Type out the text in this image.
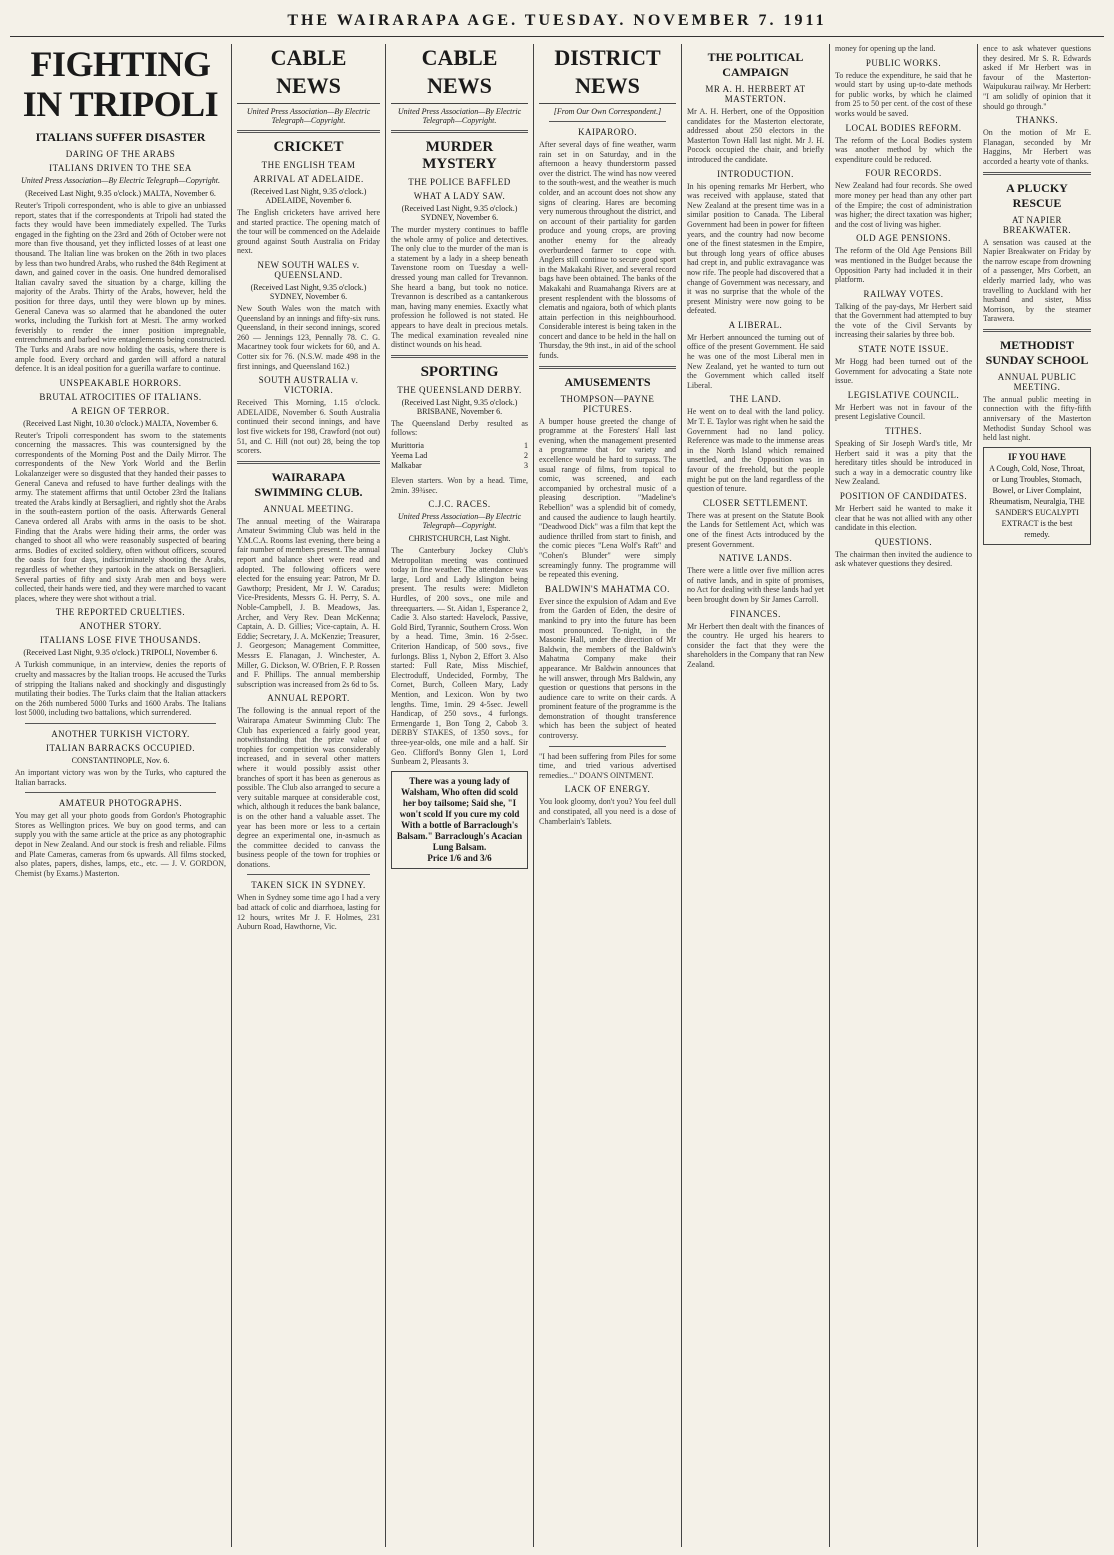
THE WAIRARAPA AGE. TUESDAY. NOVEMBER 7. 1911
FIGHTING IN TRIPOLI
ITALIANS SUFFER DISASTER
DARING OF THE ARABS
ITALIANS DRIVEN TO THE SEA
United Press Association—By Electric Telegraph—Copyright.
(Received Last Night, 9.35 o'clock.) MALTA, November 6.
Reuter's Tripoli correspondent, who is able to give an unbiassed report, states that if the correspondents at Tripoli had stated the facts they would have been immediately expelled. The Turks engaged in the fighting on the 23rd and 26th of October were not more than five thousand, yet they inflicted losses of at least one thousand. The Italian line was broken on the 26th in two places by less than two hundred Arabs, who rushed the 84th Regiment at dawn, and gained cover in the oasis. One hundred demoralised Italian cavalry saved the situation by a charge, killing the majority of the Arabs. Thirty of the Arabs, however, held the position for three days, until they were blown up by mines. General Caneva was so alarmed that he abandoned the outer works, including the Turkish fort at Mesri. The army worked feverishly to render the inner position impregnable, entrenchments and barbed wire entanglements being constructed. The Turks and Arabs are now holding the oasis, where there is ample food. Every orchard and garden will afford a natural defence. It is an ideal position for a guerilla warfare to continue.
UNSPEAKABLE HORRORS.
BRUTAL ATROCITIES OF ITALIANS.
A REIGN OF TERROR.
(Received Last Night, 10.30 o'clock.) MALTA, November 6.
Reuter's Tripoli correspondent has sworn to the statements concerning the massacres. This was countersigned by the correspondents of the Morning Post and the Daily Mirror. The correspondents of the New York World and the Berlin Lokalanzeiger were so disgusted that they handed their passes to General Caneva and refused to have further dealings with the army. The statement affirms that until October 23rd the Italians treated the Arabs kindly at Bersaglieri, and rightly shot the Arabs in the south-eastern portion of the oasis. Afterwards General Caneva ordered all Arabs with arms in the oasis to be shot. Finding that the Arabs were hiding their arms, the order was changed to shoot all who were reasonably suspected of bearing arms. Bodies of excited soldiery, often without officers, scoured the oasis for four days, indiscriminately shooting the Arabs, regardless of whether they partook in the attack on Bersaglieri. Several parties of fifty and sixty Arab men and boys were collected, their hands were tied, and they were marched to vacant places, where they were shot without a trial.
THE REPORTED CRUELTIES.
ANOTHER STORY.
ITALIANS LOSE FIVE THOUSANDS.
(Received Last Night, 9.35 o'clock.) TRIPOLI, November 6.
A Turkish communique, in an interview, denies the reports of cruelty and massacres by the Italian troops. He accused the Turks of stripping the Italians naked and shockingly and disgustingly mutilating their bodies. The Turks claim that the Italian attackers on the 26th numbered 5000 Turks and 1600 Arabs. The Italians lost 5000, including two battalions, which surrendered.
ANOTHER TURKISH VICTORY.
ITALIAN BARRACKS OCCUPIED.
CONSTANTINOPLE, Nov. 6.
An important victory was won by the Turks, who captured the Italian barracks.
AMATEUR PHOTOGRAPHS.
You may get all your photo goods from Gordon's Photographic Stores as Wellington prices. We buy on good terms, and can supply you with the same article at the price as any photographic depot in New Zealand. And our stock is fresh and reliable. Films and Plate Cameras, cameras from 6s upwards. All films stocked, also plates, papers, dishes, lamps, etc., etc. — J. V. GORDON, Chemist (by Exams.) Masterton.
CABLE NEWS
United Press Association—By Electric Telegraph—Copyright.
CRICKET
THE ENGLISH TEAM
ARRIVAL AT ADELAIDE.
(Received Last Night, 9.35 o'clock.) ADELAIDE, November 6.
The English cricketers have arrived here and started practice. The opening match of the tour will be commenced on the Adelaide ground against South Australia on Friday next.
NEW SOUTH WALES v. QUEENSLAND.
(Received Last Night, 9.35 o'clock.) SYDNEY, November 6.
New South Wales won the match with Queensland by an innings and fifty-six runs. Queensland, in their second innings, scored 260 — Jennings 123, Pennally 78. C. G. Macartney took four wickets for 60, and A. Cotter six for 76. (N.S.W. made 498 in the first innings, and Queensland 162.)
SOUTH AUSTRALIA v. VICTORIA.
Received This Morning, 1.15 o'clock. ADELAIDE, November 6. South Australia continued their second innings, and have lost five wickets for 198, Crawford (not out) 51, and C. Hill (not out) 28, being the top scorers.
WAIRARAPA SWIMMING CLUB.
ANNUAL MEETING.
The annual meeting of the Wairarapa Amateur Swimming Club was held in the Y.M.C.A. Rooms last evening, there being a fair number of members present. The annual report and balance sheet were read and adopted. The following officers were elected for the ensuing year: Patron, Mr D. Gawthorp; President, Mr J. W. Caradus; Vice-Presidents, Messrs G. H. Perry, S. A. Noble-Campbell, J. B. Meadows, Jas. Archer, and Very Rev. Dean McKenna; Captain, A. D. Gillies; Vice-captain, A. H. Eddie; Secretary, J. A. McKenzie; Treasurer, J. Georgeson; Management Committee, Messrs E. Flanagan, J. Winchester, A. Miller, G. Dickson, W. O'Brien, F. P. Rossen and F. Phillips. The annual membership subscription was increased from 2s 6d to 5s.
ANNUAL REPORT.
The following is the annual report of the Wairarapa Amateur Swimming Club: The Club has experienced a fairly good year, notwithstanding that the prize value of trophies for competition was considerably increased, and in several other matters where it would possibly assist other branches of sport it has been as generous as possible. The Club also arranged to secure a very suitable marquee at considerable cost, which, although it reduces the bank balance, is on the other hand a valuable asset. The year has been more or less to a certain degree an experimental one, in-asmuch as the committee decided to canvass the business people of the town for trophies or donations.
TAKEN SICK IN SYDNEY.
When in Sydney some time ago I had a very bad attack of colic and diarrhoea, lasting for 12 hours, writes Mr J. F. Holmes, 231 Auburn Road, Hawthorne, Vic.
CABLE NEWS
United Press Association—By Electric Telegraph—Copyright.
MURDER MYSTERY
THE POLICE BAFFLED
WHAT A LADY SAW.
(Received Last Night, 9.35 o'clock.) SYDNEY, November 6.
The murder mystery continues to baffle the whole army of police and detectives. The only clue to the murder of the man is a statement by a lady in a sheep beneath Tavenstone room on Tuesday a well-dressed young man called for Trevannon. She heard a bang, but took no notice. Trevannon is described as a cantankerous man, having many enemies. Exactly what profession he followed is not stated. He appears to have dealt in precious metals. The medical examination revealed nine distinct wounds on his head.
SPORTING
THE QUEENSLAND DERBY.
(Received Last Night, 9.35 o'clock.) BRISBANE, November 6.
The Queensland Derby resulted as follows:
Murittoria	1
Yeema Lad	2
Malkabar	3
Eleven starters. Won by a head. Time, 2min. 39¾sec.
C.J.C. RACES.
United Press Association—By Electric Telegraph—Copyright.
CHRISTCHURCH, Last Night.
The Canterbury Jockey Club's Metropolitan meeting was continued today in fine weather. The attendance was large, Lord and Lady Islington being present. The results were: Midleton Hurdles, of 200 sovs., one mile and threequarters. — St. Aidan 1, Esperance 2, Cadie 3. Also started: Havelock, Passive, Gold Bird, Tyrannic, Southern Cross. Won by a head. Time, 3min. 16 2-5sec. Criterion Handicap, of 500 sovs., five furlongs. Bliss 1, Nybon 2, Effort 3. Also started: Full Rate, Miss Mischief, Electroduff, Undecided, Formby, The Cornet, Burch, Colleen Mary, Lady Mention, and Lexicon. Won by two lengths. Time, 1min. 29 4-5sec. Jewell Handicap, of 250 sovs., 4 furlongs. Ermengarde 1, Bon Tong 2, Cabob 3. DERBY STAKES, of 1350 sovs., for three-year-olds, one mile and a half. Sir Geo. Clifford's Bonny Glen 1, Lord Sunbeam 2, Pleasants 3.
There was a young lady of Walsham, Who often did scold her boy tailsome; Said she, "I won't scold If you cure my cold With a bottle of Barraclough's Balsam." Barraclough's Acacian Lung Balsam.
Price 1/6 and 3/6
DISTRICT NEWS
[From Our Own Correspondent.]
KAIPARORO.
After several days of fine weather, warm rain set in on Saturday, and in the afternoon a heavy thunderstorm passed over the district. The wind has now veered to the south-west, and the weather is much colder, and an account does not show any signs of clearing. Hares are becoming very numerous throughout the district, and on account of their partiality for garden produce and young crops, are proving another enemy for the already overburdened farmer to cope with. Anglers still continue to secure good sport in the Makakahi River, and several record bags have been obtained. The banks of the Makakahi and Ruamahanga Rivers are at present resplendent with the blossoms of clematis and ngaiora, both of which plants attain perfection in this neighbourhood. Considerable interest is being taken in the concert and dance to be held in the hall on Thursday, the 9th inst., in aid of the school funds.
AMUSEMENTS
THOMPSON—PAYNE PICTURES.
A bumper house greeted the change of programme at the Foresters' Hall last evening, when the management presented a programme that for variety and excellence would be hard to surpass. The usual range of films, from topical to comic, was screened, and each accompanied by orchestral music of a pleasing description. "Madeline's Rebellion" was a splendid bit of comedy, and caused the audience to laugh heartily. "Deadwood Dick" was a film that kept the audience thrilled from start to finish, and the comic pieces "Lena Wolf's Raft" and "Cohen's Blunder" were simply screamingly funny. The programme will be repeated this evening.
BALDWIN'S MAHATMA CO.
Ever since the expulsion of Adam and Eve from the Garden of Eden, the desire of mankind to pry into the future has been most pronounced. To-night, in the Masonic Hall, under the direction of Mr Baldwin, the members of the Baldwin's Mahatma Company make their appearance. Mr Baldwin announces that he will answer, through Mrs Baldwin, any question or questions that persons in the audience care to write on their cards. A prominent feature of the programme is the demonstration of thought transference which has been the subject of heated controversy.
"I had been suffering from Piles for some time, and tried various advertised remedies..." DOAN'S OINTMENT.
LACK OF ENERGY.
You look gloomy, don't you? You feel dull and constipated, all you need is a dose of Chamberlain's Tablets.
THE POLITICAL CAMPAIGN
MR A. H. HERBERT AT MASTERTON.
Mr A. H. Herbert, one of the Opposition candidates for the Masterton electorate, addressed about 250 electors in the Masterton Town Hall last night. Mr J. H. Pocock occupied the chair, and briefly introduced the candidate.
INTRODUCTION.
In his opening remarks Mr Herbert, who was received with applause, stated that New Zealand at the present time was in a similar position to Canada. The Liberal Government had been in power for fifteen years, and the country had now become one of the finest statesmen in the Empire, but through long years of office abuses had crept in, and public extravagance was now rife. The people had discovered that a change of Government was necessary, and it was no surprise that the whole of the present Ministry were now going to be defeated.
A LIBERAL.
Mr Herbert announced the turning out of office of the present Government. He said he was one of the most Liberal men in New Zealand, yet he wanted to turn out the Government which called itself Liberal.
THE LAND.
He went on to deal with the land policy. Mr T. E. Taylor was right when he said the Government had no land policy. Reference was made to the immense areas in the North Island which remained unsettled, and the Opposition was in favour of the freehold, but the people might be put on the land regardless of the question of tenure.
CLOSER SETTLEMENT.
There was at present on the Statute Book the Lands for Settlement Act, which was one of the finest Acts introduced by the present Government.
NATIVE LANDS.
There were a little over five million acres of native lands, and in spite of promises, no Act for dealing with these lands had yet been brought down by Sir James Carroll.
FINANCES.
Mr Herbert then dealt with the finances of the country. He urged his hearers to consider the fact that they were the shareholders in the Company that ran New Zealand.
money for opening up the land.
PUBLIC WORKS.
To reduce the expenditure, he said that he would start by using up-to-date methods for public works, by which he claimed from 25 to 50 per cent. of the cost of these works would be saved.
LOCAL BODIES REFORM.
The reform of the Local Bodies system was another method by which the expenditure could be reduced.
FOUR RECORDS.
New Zealand had four records. She owed more money per head than any other part of the Empire; the cost of administration was higher; the direct taxation was higher; and the cost of living was higher.
OLD AGE PENSIONS.
The reform of the Old Age Pensions Bill was mentioned in the Budget because the Opposition Party had included it in their platform.
RAILWAY VOTES.
Talking of the pay-days, Mr Herbert said that the Government had attempted to buy the vote of the Civil Servants by increasing their salaries by three bob.
STATE NOTE ISSUE.
Mr Hogg had been turned out of the Government for advocating a State note issue.
LEGISLATIVE COUNCIL.
Mr Herbert was not in favour of the present Legislative Council.
TITHES.
Speaking of Sir Joseph Ward's title, Mr Herbert said it was a pity that the hereditary titles should be introduced in such a way in a democratic country like New Zealand.
POSITION OF CANDIDATES.
Mr Herbert said he wanted to make it clear that he was not allied with any other candidate in this election.
QUESTIONS.
The chairman then invited the audience to ask whatever questions they desired.
ence to ask whatever questions they desired. Mr S. R. Edwards asked if Mr Herbert was in favour of the Masterton-Waipukurau railway. Mr Herbert: "I am solidly of opinion that it should go through."
THANKS.
On the motion of Mr E. Flanagan, seconded by Mr Haggins, Mr Herbert was accorded a hearty vote of thanks.
A PLUCKY RESCUE
AT NAPIER BREAKWATER.
A sensation was caused at the Napier Breakwater on Friday by the narrow escape from drowning of a passenger, Mrs Corbett, an elderly married lady, who was travelling to Auckland with her husband and sister, Miss Morrison, by the steamer Tarawera.
METHODIST SUNDAY SCHOOL
ANNUAL PUBLIC MEETING.
The annual public meeting in connection with the fifty-fifth anniversary of the Masterton Methodist Sunday School was held last night.
IF YOU HAVE
A Cough, Cold, Nose, Throat, or Lung Troubles, Stomach, Bowel, or Liver Complaint, Rheumatism, Neuralgia, THE SANDER'S EUCALYPTI EXTRACT is the best remedy.
